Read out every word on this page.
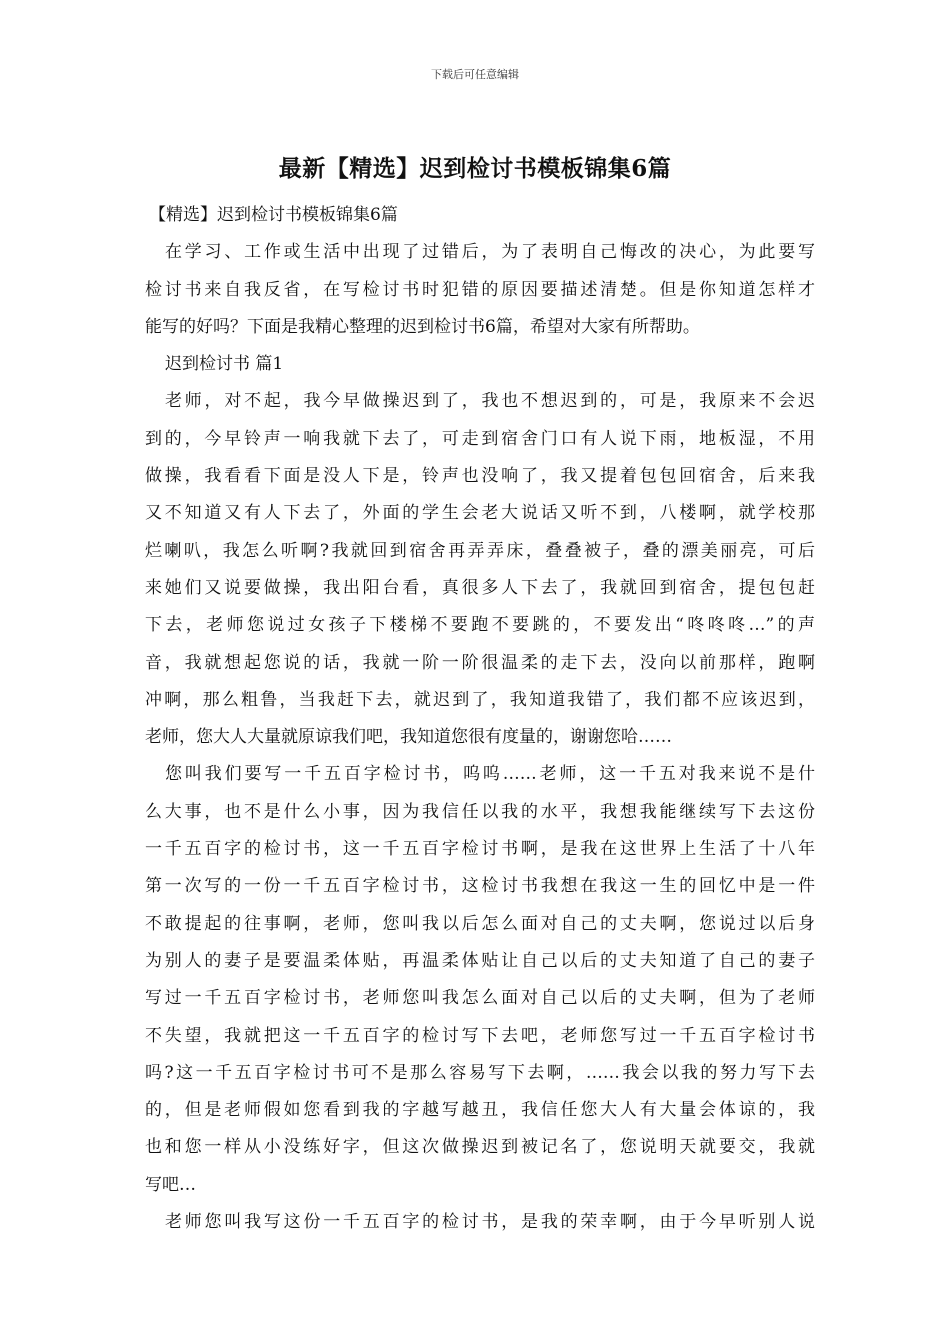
下载后可任意编辑
最新【精选】迟到检讨书模板锦集6篇
【精选】迟到检讨书模板锦集6篇
在学习、工作或生活中出现了过错后，为了表明自己悔改的决心，为此要写
检讨书来自我反省，在写检讨书时犯错的原因要描述清楚。但是你知道怎样才
能写的好吗？下面是我精心整理的迟到检讨书6篇，希望对大家有所帮助。
迟到检讨书 篇1
老师，对不起，我今早做操迟到了，我也不想迟到的，可是，我原来不会迟
到的，今早铃声一响我就下去了，可走到宿舍门口有人说下雨，地板湿，不用
做操，我看看下面是没人下是，铃声也没响了，我又提着包包回宿舍，后来我
又不知道又有人下去了，外面的学生会老大说话又听不到，八楼啊，就学校那
烂喇叭，我怎么听啊?我就回到宿舍再弄弄床，叠叠被子，叠的漂美丽亮，可后
来她们又说要做操，我出阳台看，真很多人下去了，我就回到宿舍，提包包赶
下去，老师您说过女孩子下楼梯不要跑不要跳的，不要发出“咚咚咚…”的声
音，我就想起您说的话，我就一阶一阶很温柔的走下去，没向以前那样，跑啊
冲啊，那么粗鲁，当我赶下去，就迟到了，我知道我错了，我们都不应该迟到，
老师，您大人大量就原谅我们吧，我知道您很有度量的，谢谢您哈……
您叫我们要写一千五百字检讨书，呜呜……老师，这一千五对我来说不是什
么大事，也不是什么小事，因为我信任以我的水平，我想我能继续写下去这份
一千五百字的检讨书，这一千五百字检讨书啊，是我在这世界上生活了十八年
第一次写的一份一千五百字检讨书，这检讨书我想在我这一生的回忆中是一件
不敢提起的往事啊，老师，您叫我以后怎么面对自己的丈夫啊，您说过以后身
为别人的妻子是要温柔体贴，再温柔体贴让自己以后的丈夫知道了自己的妻子
写过一千五百字检讨书，老师您叫我怎么面对自己以后的丈夫啊，但为了老师
不失望，我就把这一千五百字的检讨写下去吧，老师您写过一千五百字检讨书
吗?这一千五百字检讨书可不是那么容易写下去啊，……我会以我的努力写下去
的，但是老师假如您看到我的字越写越丑，我信任您大人有大量会体谅的，我
也和您一样从小没练好字，但这次做操迟到被记名了，您说明天就要交，我就
写吧…
老师您叫我写这份一千五百字的检讨书，是我的荣幸啊，由于今早听别人说
